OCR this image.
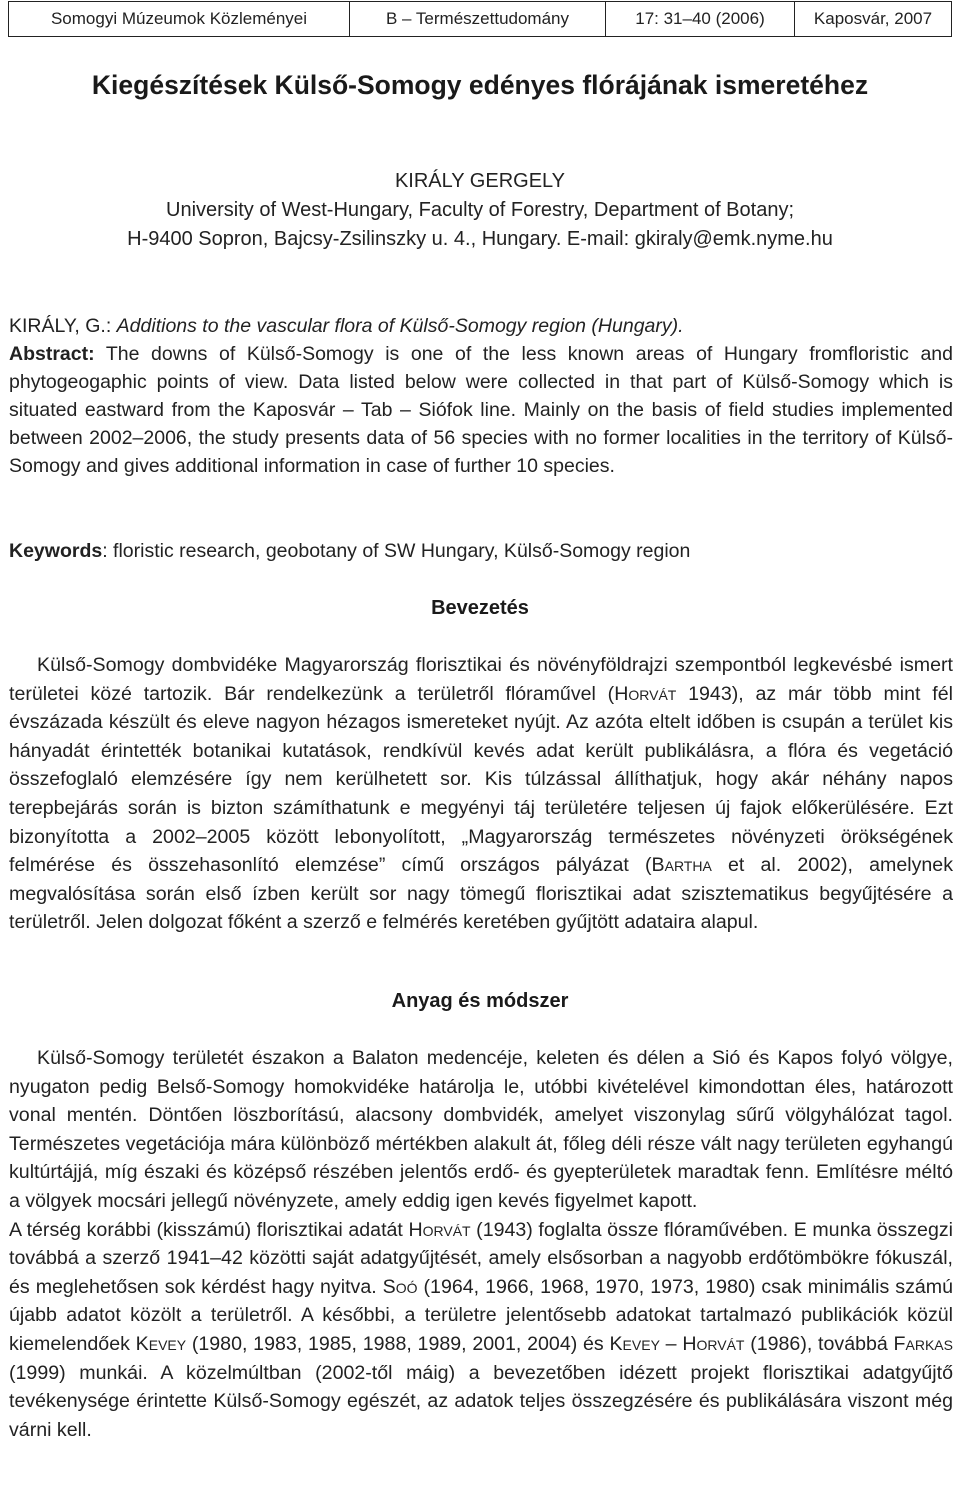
Somogyi Múzeumok Közleményei	B – Természettudomány	17: 31–40 (2006)	Kaposvár, 2007
Kiegészítések Külső-Somogy edényes flórájának ismeretéhez
KIRÁLY GERGELY
University of West-Hungary, Faculty of Forestry, Department of Botany;
H-9400 Sopron, Bajcsy-Zsilinszky u. 4., Hungary. E-mail: gkiraly@emk.nyme.hu

KIRÁLY, G.: Additions to the vascular flora of Külső-Somogy region (Hungary).

Abstract: The downs of Külső-Somogy is one of the less known areas of Hungary fromfloristic and phytogeogaphic points of view. Data listed below were collected in that part of Külső-Somogy which is situated eastward from the Kaposvár – Tab – Siófok line. Mainly on the basis of field studies implemented between 2002–2006, the study presents data of 56 species with no former localities in the territory of Külső-Somogy and gives additional information in case of further 10 species.

Keywords: floristic research, geobotany of SW Hungary, Külső-Somogy region
Bevezetés

Külső-Somogy dombvidéke Magyarország florisztikai és növényföldrajzi szempontból legkevésbé ismert területei közé tartozik. Bár rendelkezünk a területről flóraművel (Horvát 1943), az már több mint fél évszázada készült és eleve nagyon hézagos ismereteket nyújt. Az azóta eltelt időben is csupán a terület kis hányadát érintették botanikai kutatások, rendkívül kevés adat került publikálásra, a flóra és vegetáció összefoglaló elemzésére így nem kerülhetett sor. Kis túlzással állíthatjuk, hogy akár néhány napos terepbejárás során is bizton számíthatunk e megyényi táj területére teljesen új fajok előkerülésére. Ezt bizonyította a 2002–2005 között lebonyolított, „Magyarország természetes növényzeti örökségének felmérése és összehasonlító elemzése” című országos pályázat (Bartha et al. 2002), amelynek megvalósítása során első ízben került sor nagy tömegű florisztikai adat szisztematikus begyűjtésére a területről. Jelen dolgozat főként a szerző e felmérés keretében gyűjtött adataira alapul.

Anyag és módszer

Külső-Somogy területét északon a Balaton medencéje, keleten és délen a Sió és Kapos folyó völgye, nyugaton pedig Belső-Somogy homokvidéke határolja le, utóbbi kivételével kimondottan éles, határozott vonal mentén. Döntően löszborítású, alacsony dombvidék, amelyet viszonylag sűrű völgyhálózat tagol. Természetes vegetációja mára különböző mértékben alakult át, főleg déli része vált nagy területen egyhangú kultúrtájjá, míg északi és középső részében jelentős erdő- és gyepterületek maradtak fenn. Említésre méltó a völgyek mocsári jellegű növényzete, amely eddig igen kevés figyelmet kapott.

A térség korábbi (kisszámú) florisztikai adatát Horvát (1943) foglalta össze flóraművében. E munka összegzi továbbá a szerző 1941–42 közötti saját adatgyűjtését, amely elsősorban a nagyobb erdőtömbökre fókuszál, és meglehetősen sok kérdést hagy nyitva. Soó (1964, 1966, 1968, 1970, 1973, 1980) csak minimális számú újabb adatot közölt a területről. A későbbi, a területre jelentősebb adatokat tartalmazó publikációk közül kiemelendőek Kevey (1980, 1983, 1985, 1988, 1989, 2001, 2004) és Kevey – Horvát (1986), továbbá Farkas (1999) munkái. A közelmúltban (2002-től máig) a bevezetőben idézett projekt florisztikai adatgyűjtő tevékenysége érintette Külső-Somogy egészét, az adatok teljes összegzésére és publikálására viszont még várni kell.
